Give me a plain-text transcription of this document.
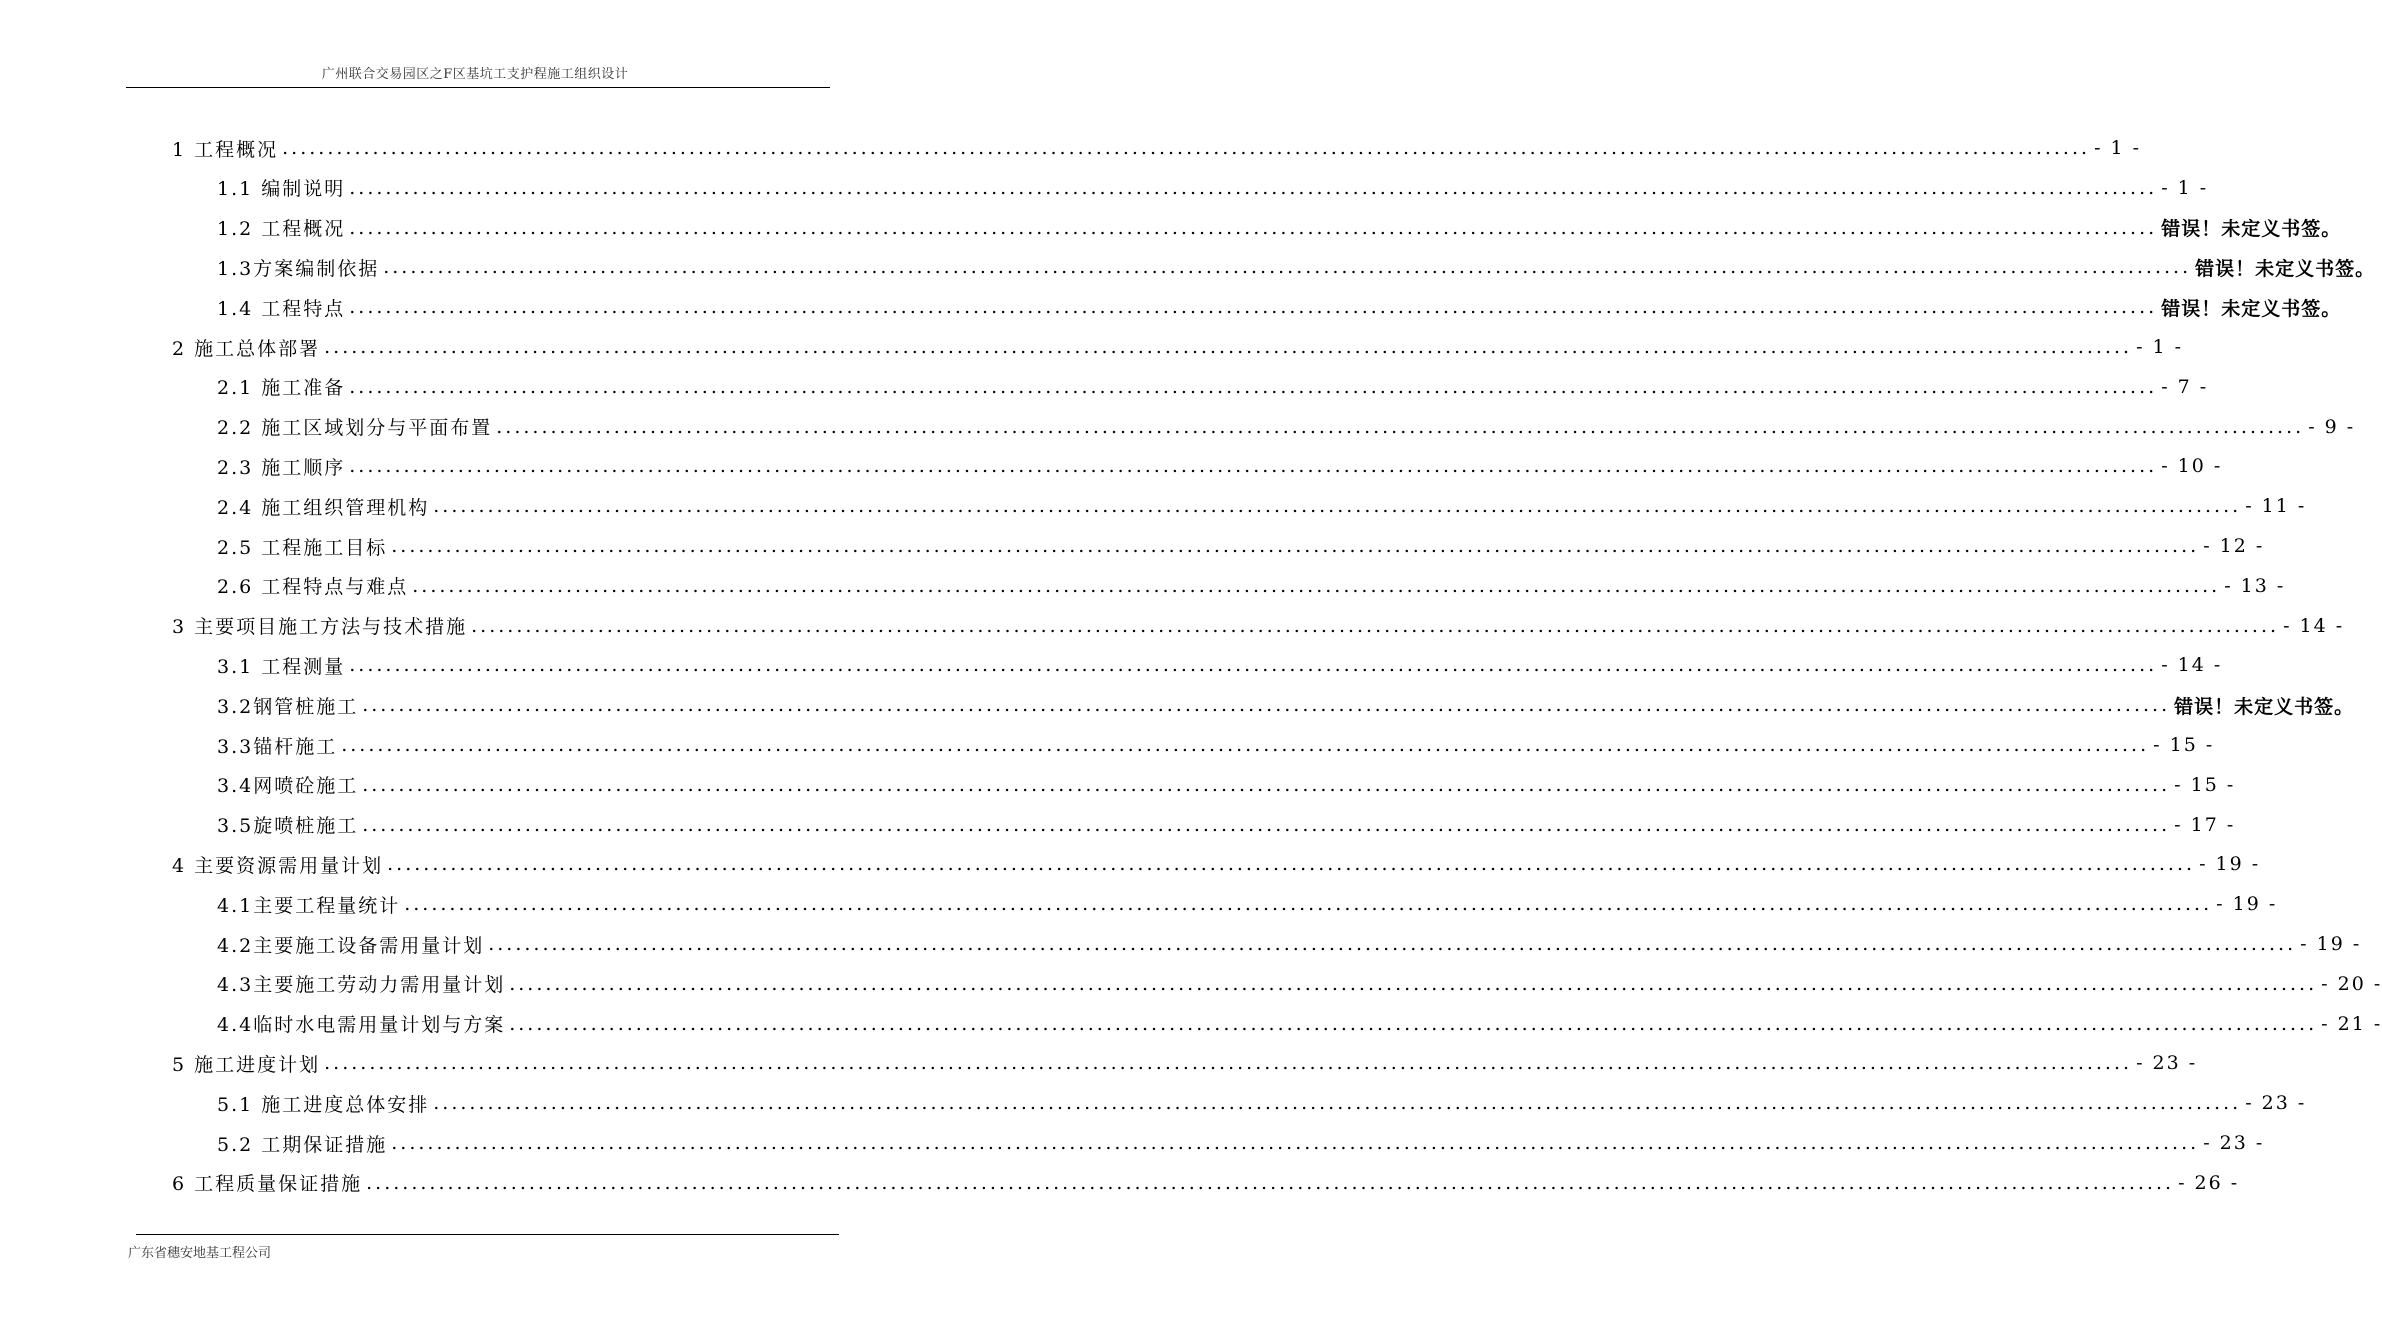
广州联合交易园区之F区基坑工支护程施工组织设计
1 工程概况 ........................................................................................................................................................................................................ - 1 -
1.1 编制说明 ........................................................................................................................................................................................................ - 1 -
1.2 工程概况 ........................................................................................................................................................................................................ 错误！未定义书签。
1.3方案编制依据 ........................................................................................................................................................................................................ 错误！未定义书签。
1.4 工程特点 ........................................................................................................................................................................................................ 错误！未定义书签。
2 施工总体部署 ........................................................................................................................................................................................................ - 1 -
2.1 施工准备 ........................................................................................................................................................................................................ - 7 -
2.2 施工区域划分与平面布置 ........................................................................................................................................................................................................ - 9 -
2.3 施工顺序 ........................................................................................................................................................................................................ - 10 -
2.4 施工组织管理机构 ........................................................................................................................................................................................................ - 11 -
2.5 工程施工目标 ........................................................................................................................................................................................................ - 12 -
2.6 工程特点与难点 ........................................................................................................................................................................................................ - 13 -
3 主要项目施工方法与技术措施 ........................................................................................................................................................................................................ - 14 -
3.1 工程测量 ........................................................................................................................................................................................................ - 14 -
3.2钢管桩施工 ........................................................................................................................................................................................................ 错误！未定义书签。
3.3锚杆施工 ........................................................................................................................................................................................................ - 15 -
3.4网喷砼施工 ........................................................................................................................................................................................................ - 15 -
3.5旋喷桩施工 ........................................................................................................................................................................................................ - 17 -
4 主要资源需用量计划 ........................................................................................................................................................................................................ - 19 -
4.1主要工程量统计 ........................................................................................................................................................................................................ - 19 -
4.2主要施工设备需用量计划 ........................................................................................................................................................................................................ - 19 -
4.3主要施工劳动力需用量计划 ........................................................................................................................................................................................................ - 20 -
4.4临时水电需用量计划与方案 ........................................................................................................................................................................................................ - 21 -
5 施工进度计划 ........................................................................................................................................................................................................ - 23 -
5.1 施工进度总体安排 ........................................................................................................................................................................................................ - 23 -
5.2 工期保证措施 ........................................................................................................................................................................................................ - 23 -
6 工程质量保证措施 ........................................................................................................................................................................................................ - 26 -
广东省穗安地基工程公司
